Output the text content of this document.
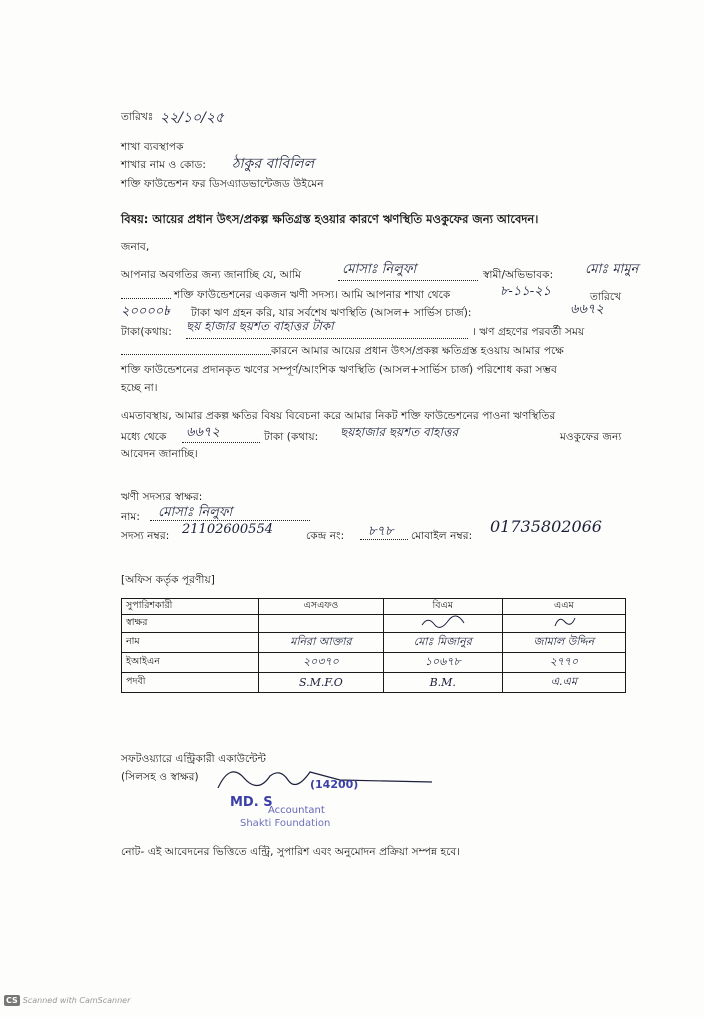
তারিখঃ ২২/১০/২৫
শাখা ব্যবস্থাপক
শাখার নাম ও কোড: ঠাকুর বাবিলিল
শক্তি ফাউন্ডেশন ফর ডিসএ্যাডভান্টেজড উইমেন
বিষয়: আয়ের প্রধান উৎস/প্রকল্প ক্ষতিগ্রস্ত হওয়ার কারণে ঋণস্থিতি মওকুফের জন্য আবেদন।
জনাব,
আপনার অবগতির জন্য জানাচ্ছি যে, আমি	মোসাঃ নিলুফা	স্বামী/অভিভাবক: মোঃ মামুন
শক্তি ফাউন্ডেশনের একজন ঋণী সদস্য। আমি আপনার শাখা থেকে	৮-১১-২১	তারিখে
২০০০০৳ টাকা ঋণ গ্রহন করি, যার সর্বশেষ ঋণস্থিতি (আসল+ সার্ভিস চার্জ):	৬৬৭২
টাকা(কথায়: ছয় হাজার ছয়শত বাহাত্তর টাকা	। ঋণ গ্রহণের পরবর্তী সময়
কারনে আমার আয়ের প্রধান উৎস/প্রকল্প ক্ষতিগ্রস্ত হওয়ায় আমার পক্ষে
শক্তি ফাউন্ডেশনের প্রদানকৃত ঋণের সম্পূর্ণ/আংশিক ঋণস্থিতি (আসল+সার্ভিস চার্জ) পরিশোধ করা সম্ভব
হচ্ছে না।
এমতাবস্থায়, আমার প্রকল্প ক্ষতির বিষয় বিবেচনা করে আমার নিকট শক্তি ফাউন্ডেশনের পাওনা ঋণস্থিতির
মধ্যে থেকে ৬৬৭২	টাকা (কথায়: ছয়হাজার ছয়শত বাহাত্তর	মওকুফের জন্য
আবেদন জানাচ্ছি।
ঋণী সদস্যর স্বাক্ষর:
নাম: মোসাঃ নিলুফা
সদস্য নম্বর: 21102600554	কেন্দ্র নং: ৮৭৮ মোবাইল নম্বর: 01735802066
[অফিস কর্তৃক পূরণীয়]
সুপারিশকারী	এসএফও	বিএম	এএম
স্বাক্ষর			
নাম	মনিরা আক্তার	মোঃ মিজানুর	জামাল উদ্দিন
ইআইএন	২০৩৭০	১০৬৭৮	২৭৭০
পদবী	S.M.F.O	B.M.	এ.এম
সফটওয়্যারে এন্ট্রিকারী একাউন্টেন্ট
(সিলসহ ও স্বাক্ষর)
MD. S
(14200)
Accountant
Shakti Foundation
নোট- এই আবেদনের ভিত্তিতে এন্ট্রি, সুপারিশ এবং অনুমোদন প্রক্রিয়া সম্পন্ন হবে।
CS Scanned with CamScanner
